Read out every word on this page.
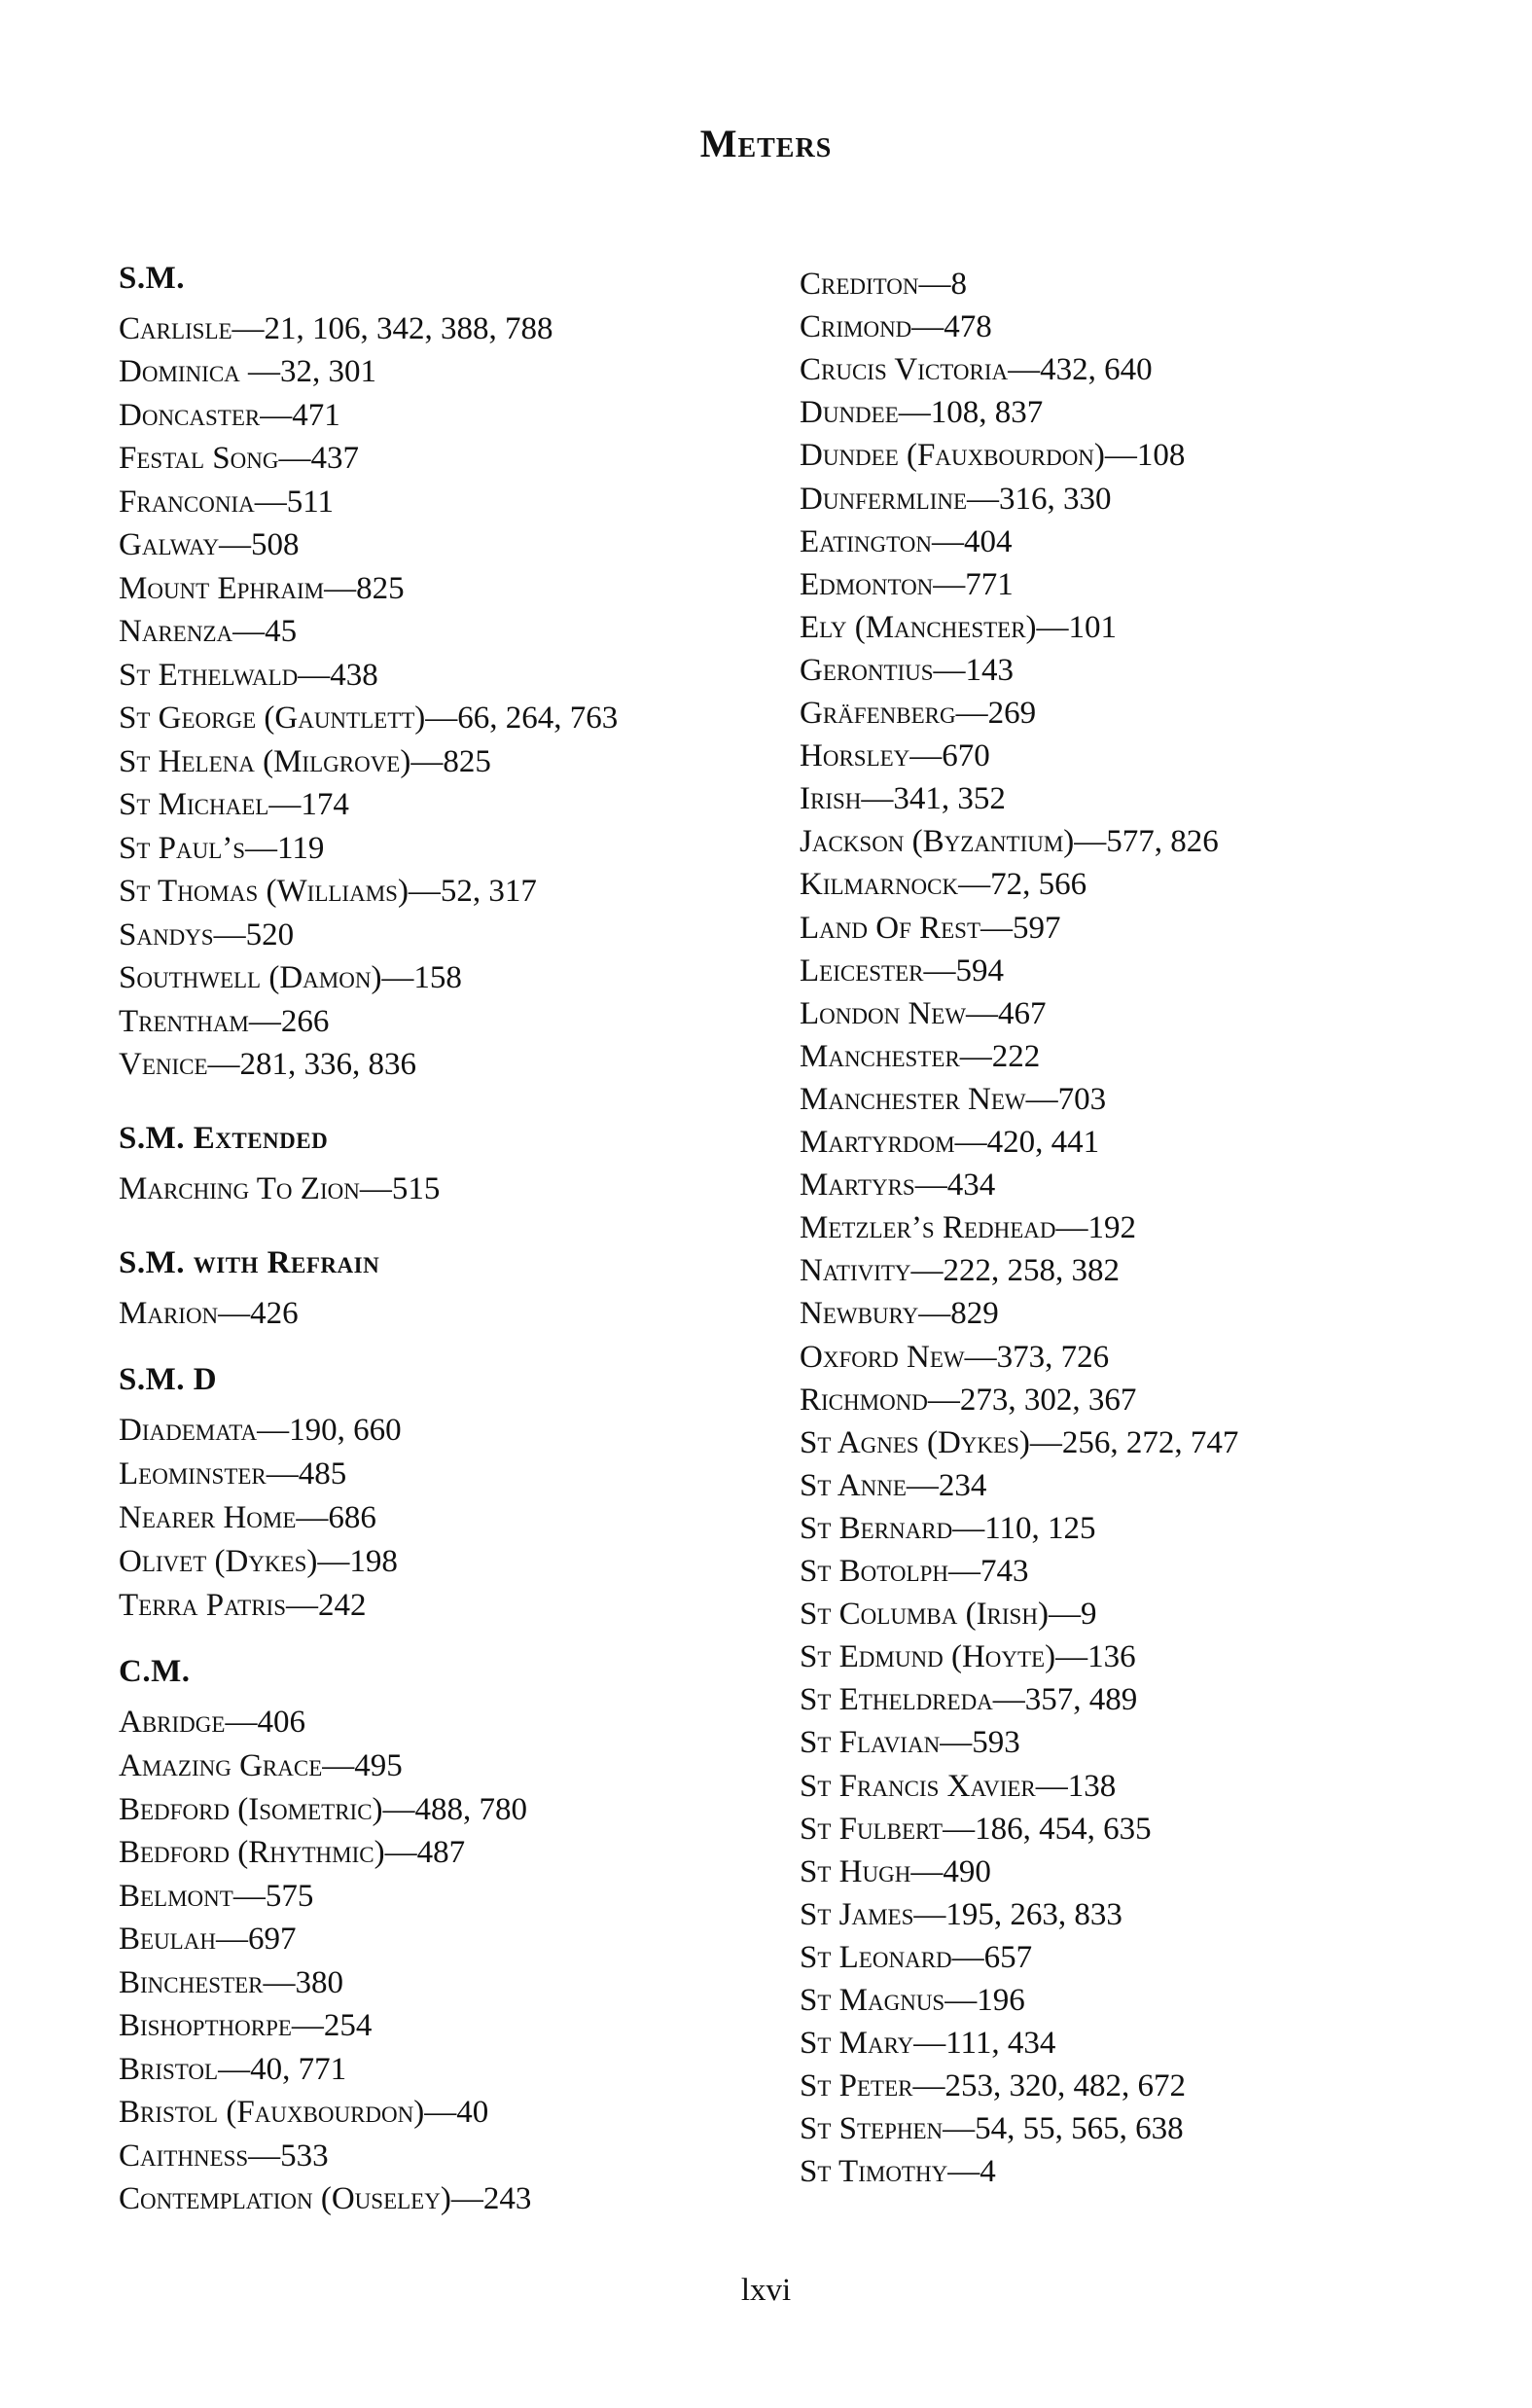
Meters
S.M.
Carlisle—21, 106, 342, 388, 788
Dominica —32, 301
Doncaster—471
Festal Song—437
Franconia—511
Galway—508
Mount Ephraim—825
Narenza—45
St Ethelwald—438
St George (Gauntlett)—66, 264, 763
St Helena (Milgrove)—825
St Michael—174
St Paul’s—119
St Thomas (Williams)—52, 317
Sandys—520
Southwell (Damon)—158
Trentham—266
Venice—281, 336, 836
S.M. Extended
Marching To Zion—515
S.M. with Refrain
Marion—426
S.M. D
Diademata—190, 660
Leominster—485
Nearer Home—686
Olivet (Dykes)—198
Terra Patris—242
C.M.
Abridge—406
Amazing Grace—495
Bedford (Isometric)—488, 780
Bedford (Rhythmic)—487
Belmont—575
Beulah—697
Binchester—380
Bishopthorpe—254
Bristol—40, 771
Bristol (Fauxbourdon)—40
Caithness—533
Contemplation (Ouseley)—243
Crediton—8
Crimond—478
Crucis Victoria—432, 640
Dundee—108, 837
Dundee (Fauxbourdon)—108
Dunfermline—316, 330
Eatington—404
Edmonton—771
Ely (Manchester)—101
Gerontius—143
Gräfenberg—269
Horsley—670
Irish—341, 352
Jackson (Byzantium)—577, 826
Kilmarnock—72, 566
Land Of Rest—597
Leicester—594
London New—467
Manchester—222
Manchester New—703
Martyrdom—420, 441
Martyrs—434
Metzler’s Redhead—192
Nativity—222, 258, 382
Newbury—829
Oxford New—373, 726
Richmond—273, 302, 367
St Agnes (Dykes)—256, 272, 747
St Anne—234
St Bernard—110, 125
St Botolph—743
St Columba (Irish)—9
St Edmund (Hoyte)—136
St Etheldreda—357, 489
St Flavian—593
St Francis Xavier—138
St Fulbert—186, 454, 635
St Hugh—490
St James—195, 263, 833
St Leonard—657
St Magnus—196
St Mary—111, 434
St Peter—253, 320, 482, 672
St Stephen—54, 55, 565, 638
St Timothy—4
lxvi
